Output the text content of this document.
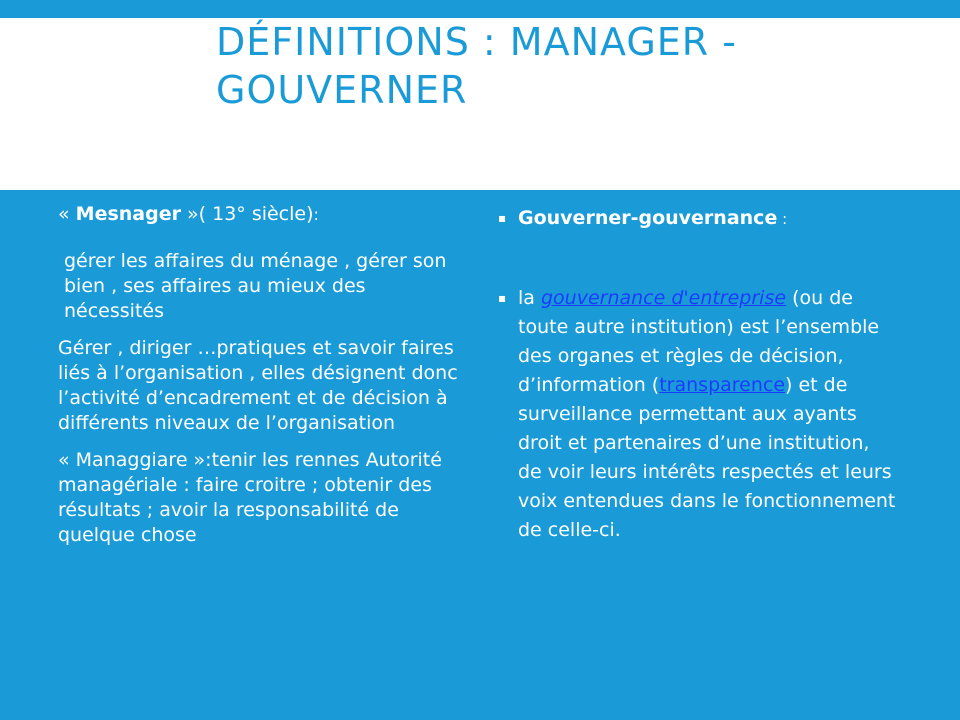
DÉFINITIONS : MANAGER - GOUVERNER

« Mesnager »( 13° siècle):

gérer les affaires du ménage , gérer son bien , ses affaires au mieux des nécessités

Gérer , diriger …pratiques et savoir faires liés à l’organisation , elles désignent donc l’activité d’encadrement et de décision à différents niveaux de l’organisation

« Managgiare »:tenir les rennes Autorité managériale : faire croitre ; obtenir des résultats ; avoir la responsabilité de quelque chose

▪ Gouverner-gouvernance :
▪ la gouvernance d'entreprise (ou de toute autre institution) est l’ensemble des organes et règles de décision, d’information (transparence) et de surveillance permettant aux ayants droit et partenaires d’une institution, de voir leurs intérêts respectés et leurs voix entendues dans le fonctionnement de celle-ci.
